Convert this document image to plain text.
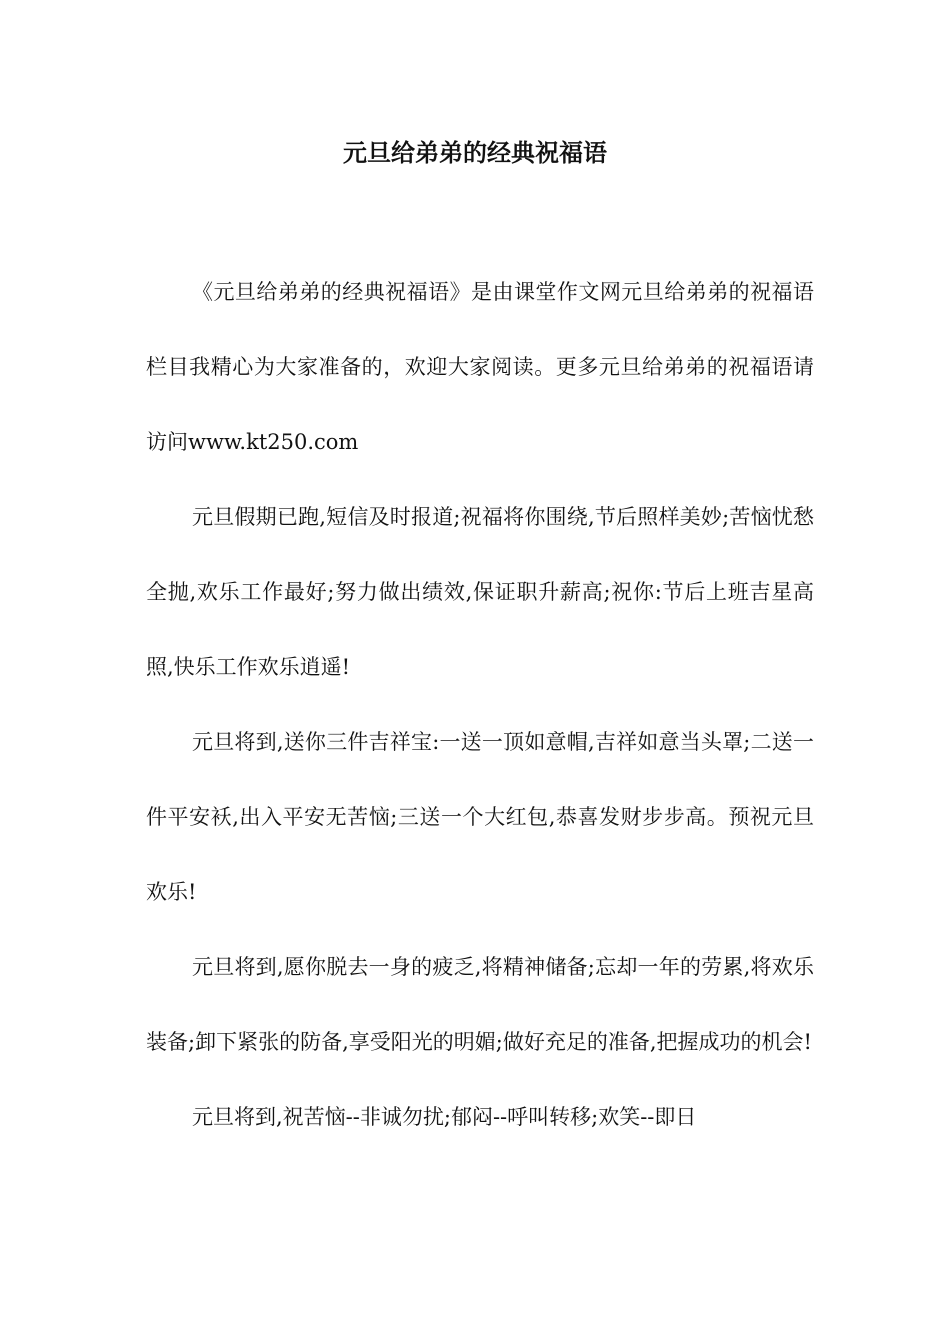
元旦给弟弟的经典祝福语

《元旦给弟弟的经典祝福语》是由课堂作文网元旦给弟弟的祝福语栏目我精心为大家准备的，欢迎大家阅读。更多元旦给弟弟的祝福语请访问www.kt250.com

元旦假期已跑,短信及时报道;祝福将你围绕,节后照样美妙;苦恼忧愁全抛,欢乐工作最好;努力做出绩效,保证职升薪高;祝你:节后上班吉星高照,快乐工作欢乐逍遥!

元旦将到,送你三件吉祥宝:一送一顶如意帽,吉祥如意当头罩;二送一件平安袄,出入平安无苦恼;三送一个大红包,恭喜发财步步高。预祝元旦欢乐!

元旦将到,愿你脱去一身的疲乏,将精神储备;忘却一年的劳累,将欢乐装备;卸下紧张的防备,享受阳光的明媚;做好充足的准备,把握成功的机会!

元旦将到,祝苦恼--非诚勿扰;郁闷--呼叫转移;欢笑--即日
